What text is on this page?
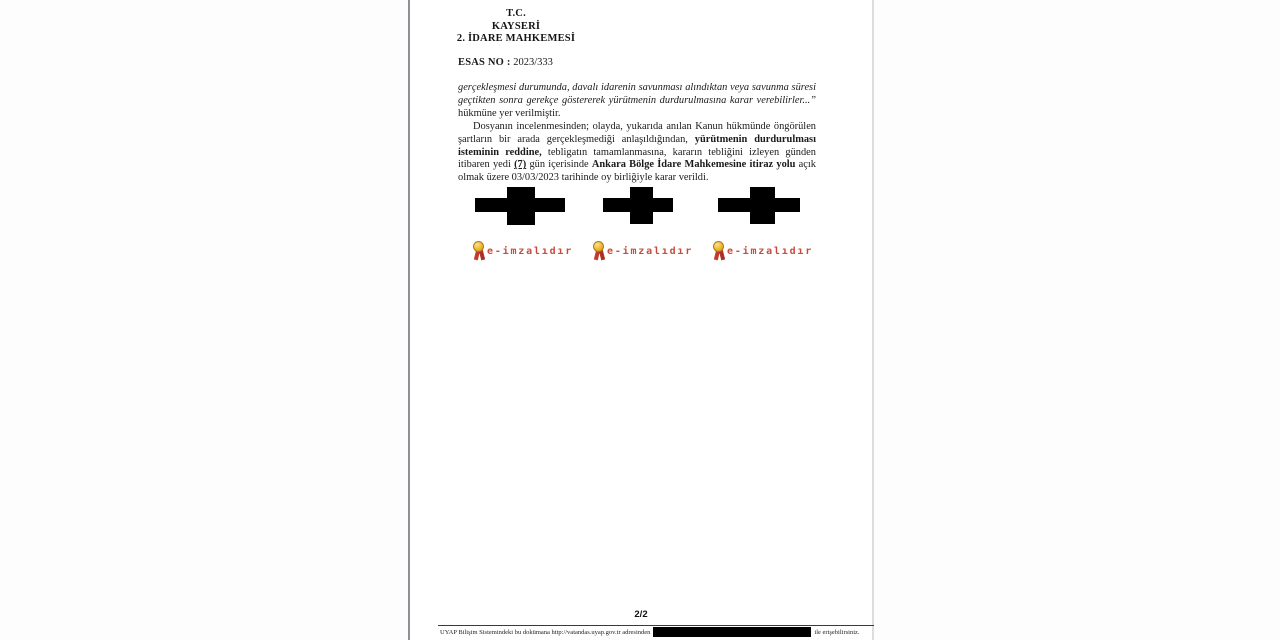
T.C.
KAYSERİ
2. İDARE MAHKEMESİ
ESAS NO : 2023/333

gerçekleşmesi durumunda, davalı idarenin savunması alındıktan veya savunma süresi geçtikten sonra gerekçe göstererek yürütmenin durdurulmasına karar verebilirler...” hükmüne yer verilmiştir.

Dosyanın incelenmesinden; olayda, yukarıda anılan Kanun hükmünde öngörülen şartların bir arada gerçekleşmediği anlaşıldığından, yürütmenin durdurulması isteminin reddine, tebligatın tamamlanmasına, kararın tebliğini izleyen günden itibaren yedi (7) gün içerisinde Ankara Bölge İdare Mahkemesine itiraz yolu açık olmak üzere 03/03/2023 tarihinde oy birliğiyle karar verildi.

e-imzalıdır	e-imzalıdır	e-imzalıdır
2/2
UYAP Bilişim Sistemindeki bu dokümana http://vatandas.uyap.gov.tr adresinden	ile erişebilirsiniz.
